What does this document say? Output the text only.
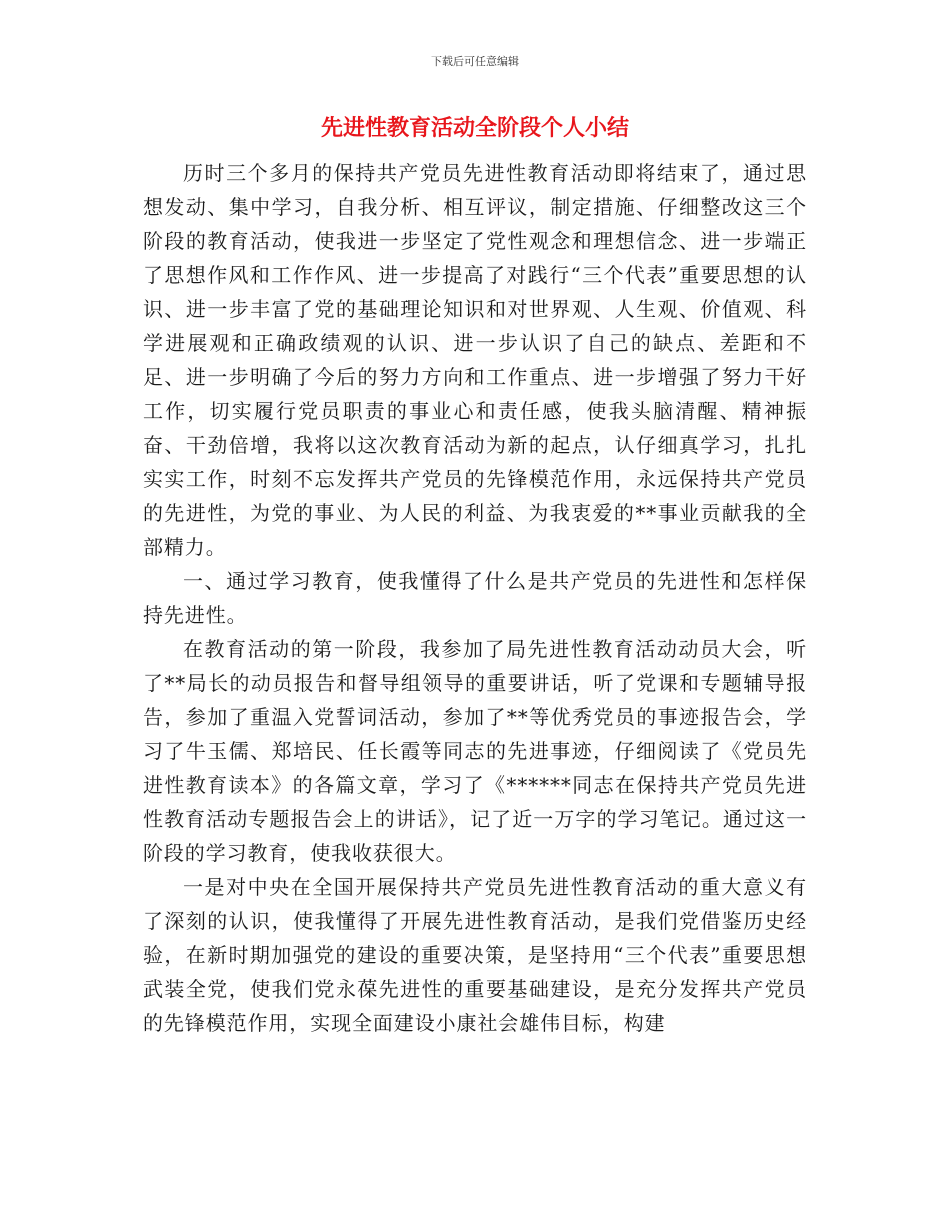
下载后可任意编辑
先进性教育活动全阶段个人小结

历时三个多月的保持共产党员先进性教育活动即将结束了，通过思想发动、集中学习，自我分析、相互评议，制定措施、仔细整改这三个阶段的教育活动，使我进一步坚定了党性观念和理想信念、进一步端正了思想作风和工作作风、进一步提高了对践行“三个代表”重要思想的认识、进一步丰富了党的基础理论知识和对世界观、人生观、价值观、科学进展观和正确政绩观的认识、进一步认识了自己的缺点、差距和不足、进一步明确了今后的努力方向和工作重点、进一步增强了努力干好工作，切实履行党员职责的事业心和责任感，使我头脑清醒、精神振奋、干劲倍增，我将以这次教育活动为新的起点，认仔细真学习，扎扎实实工作，时刻不忘发挥共产党员的先锋模范作用，永远保持共产党员的先进性，为党的事业、为人民的利益、为我衷爱的**事业贡献我的全部精力。

一、通过学习教育，使我懂得了什么是共产党员的先进性和怎样保持先进性。

在教育活动的第一阶段，我参加了局先进性教育活动动员大会，听了**局长的动员报告和督导组领导的重要讲话，听了党课和专题辅导报告，参加了重温入党誓词活动，参加了**等优秀党员的事迹报告会，学习了牛玉儒、郑培民、任长霞等同志的先进事迹，仔细阅读了《党员先进性教育读本》的各篇文章，学习了《******同志在保持共产党员先进性教育活动专题报告会上的讲话》，记了近一万字的学习笔记。通过这一阶段的学习教育，使我收获很大。

一是对中央在全国开展保持共产党员先进性教育活动的重大意义有了深刻的认识，使我懂得了开展先进性教育活动，是我们党借鉴历史经验，在新时期加强党的建设的重要决策，是坚持用“三个代表”重要思想武装全党，使我们党永葆先进性的重要基础建设，是充分发挥共产党员的先锋模范作用，实现全面建设小康社会雄伟目标，构建
